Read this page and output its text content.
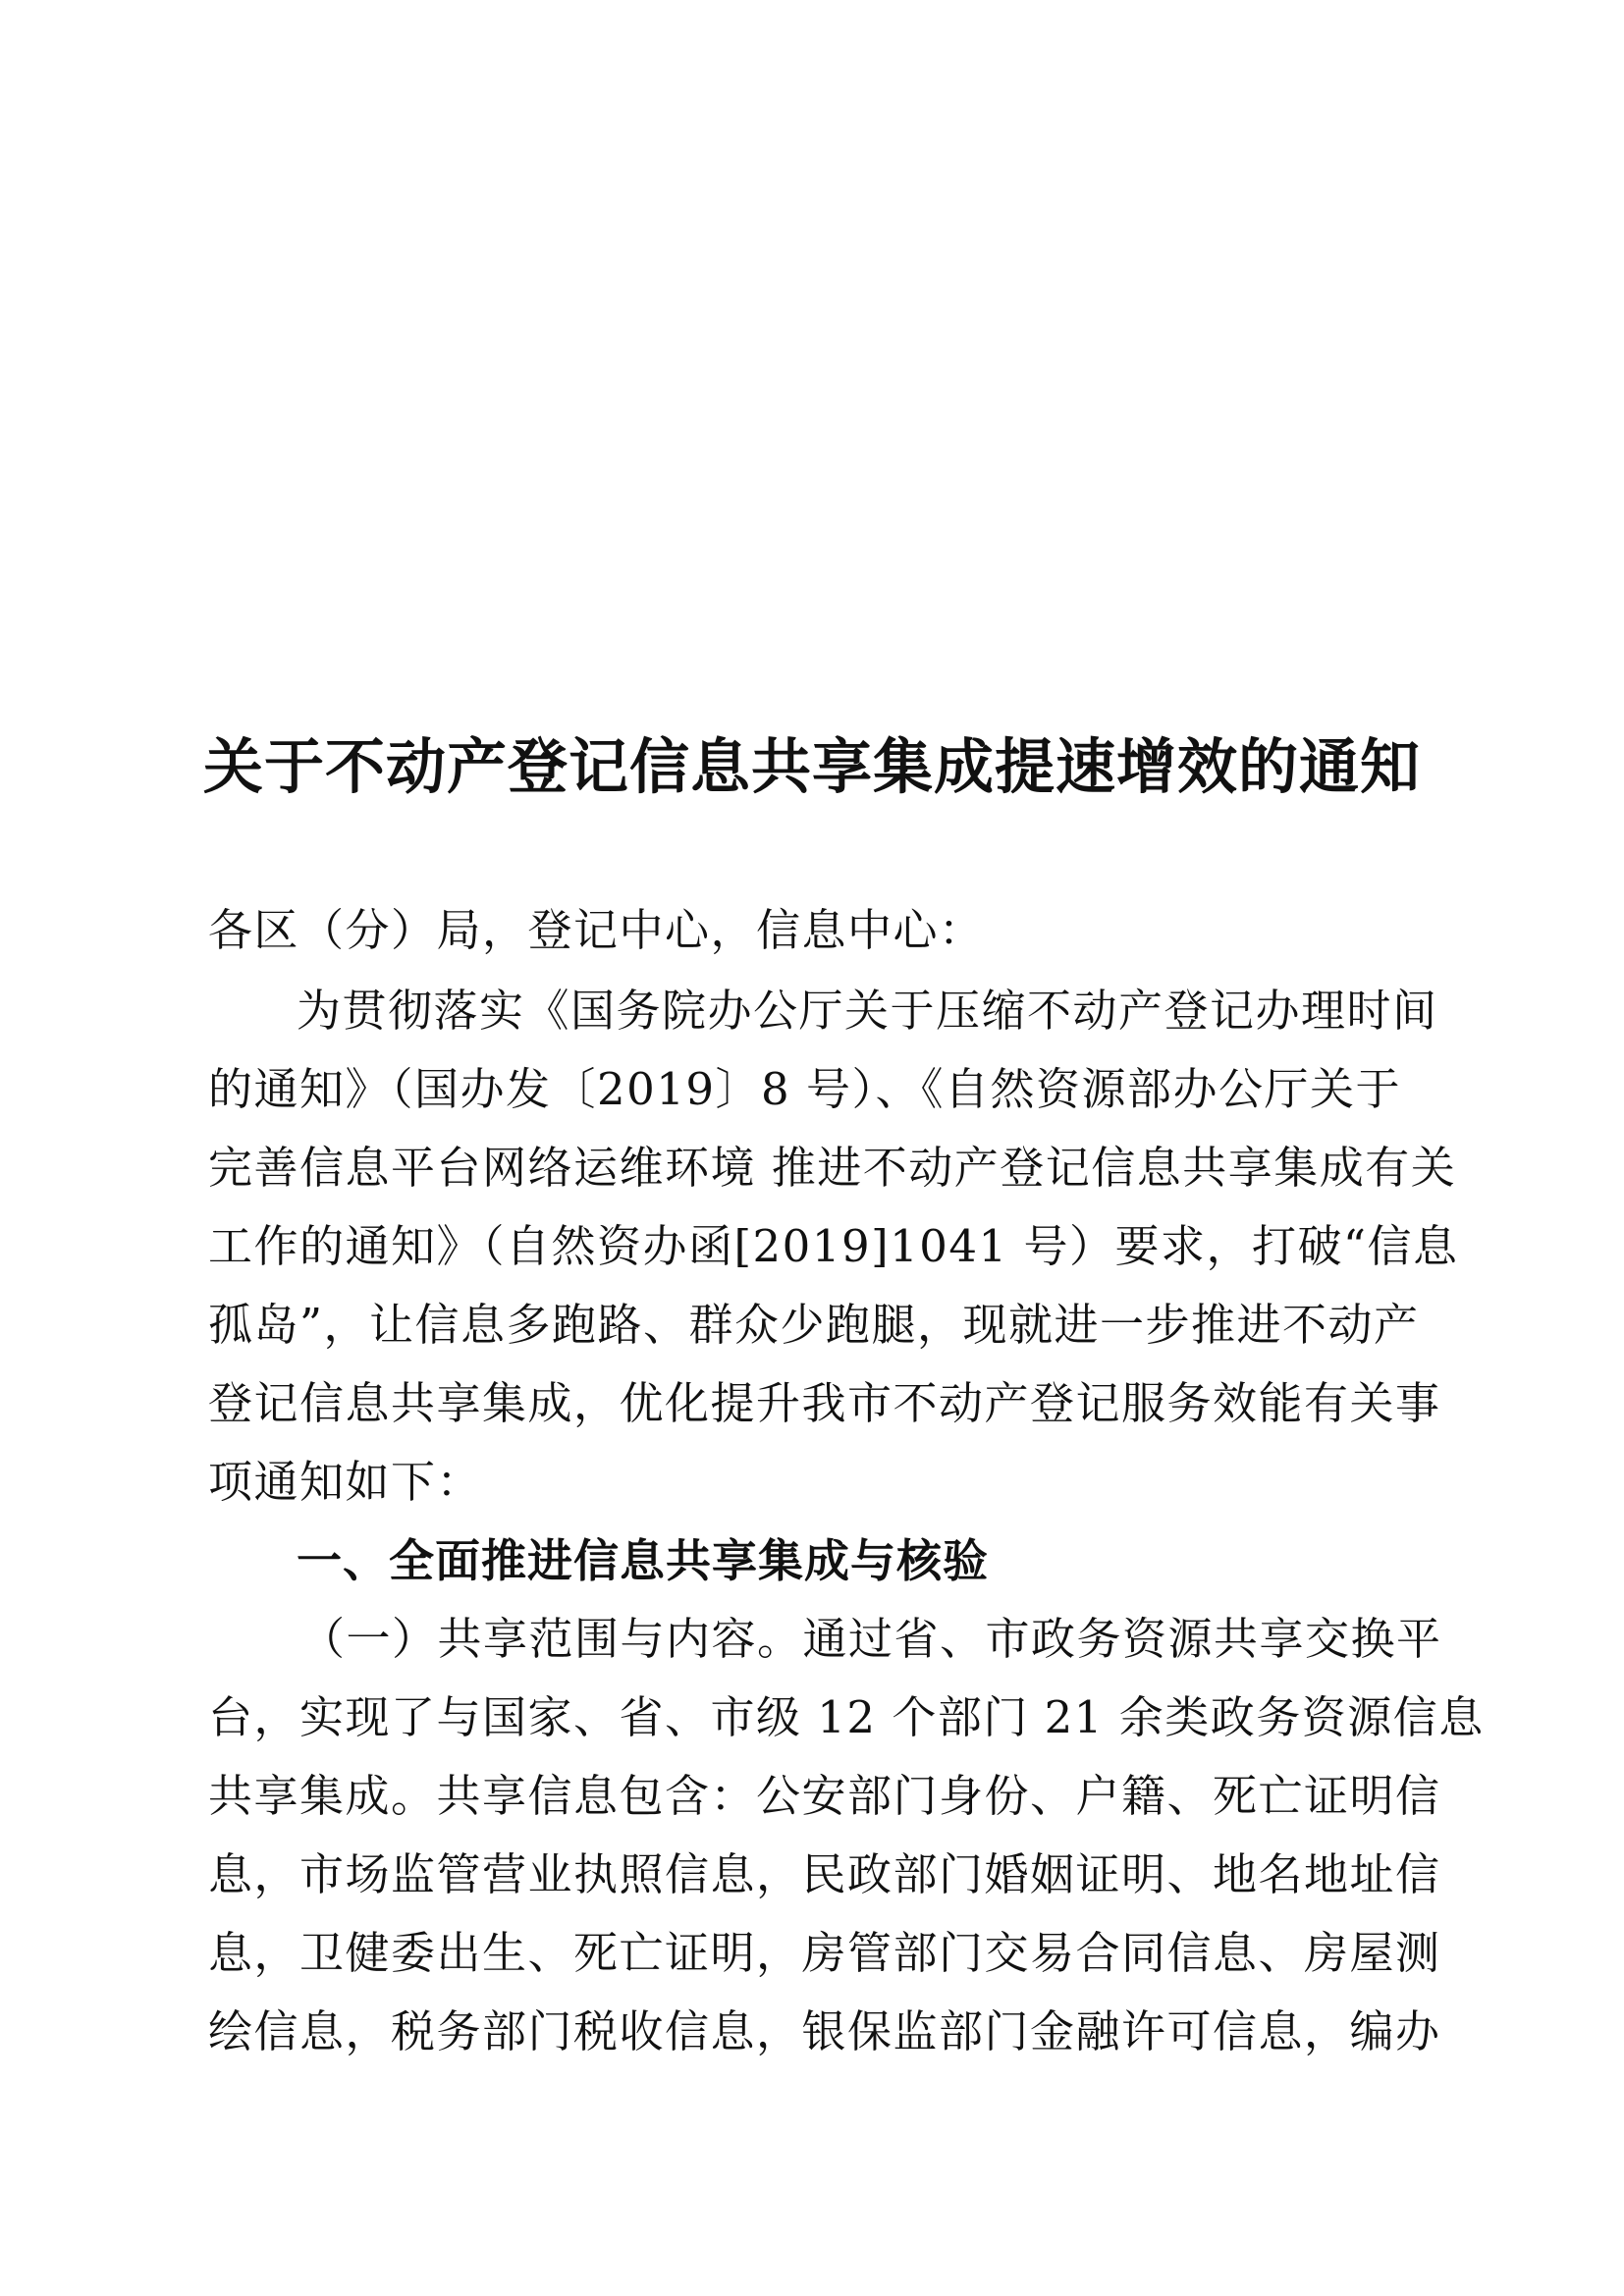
关于不动产登记信息共享集成提速增效的通知
各区（分）局，登记中心，信息中心：
为贯彻落实《国务院办公厅关于压缩不动产登记办理时间
的通知》（国办发〔2019〕8 号）、《自然资源部办公厅关于
完善信息平台网络运维环境 推进不动产登记信息共享集成有关
工作的通知》（自然资办函[2019]1041 号）要求，打破“信息
孤岛”，让信息多跑路、群众少跑腿，现就进一步推进不动产
登记信息共享集成，优化提升我市不动产登记服务效能有关事
项通知如下：
一、全面推进信息共享集成与核验
（一）共享范围与内容。通过省、市政务资源共享交换平
台，实现了与国家、省、市级 12 个部门 21 余类政务资源信息
共享集成。共享信息包含：公安部门身份、户籍、死亡证明信
息，市场监管营业执照信息，民政部门婚姻证明、地名地址信
息，卫健委出生、死亡证明，房管部门交易合同信息、房屋测
绘信息，税务部门税收信息，银保监部门金融许可信息，编办
